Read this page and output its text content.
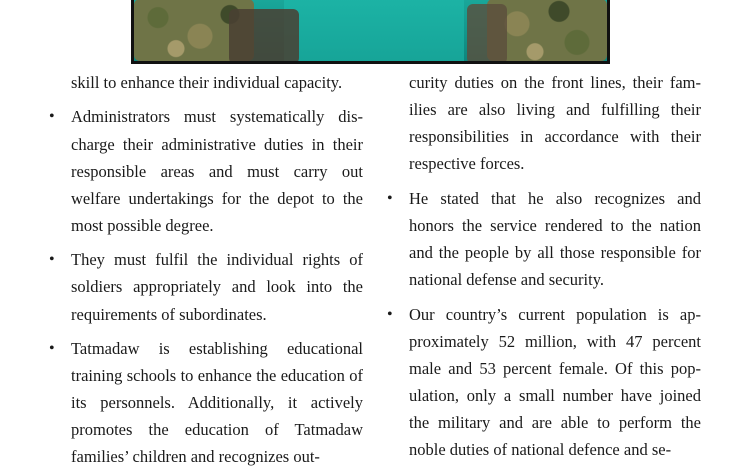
skill to enhance their individual capacity.

• Administrators must systematically discharge their administrative duties in their responsible areas and must carry out welfare undertakings for the depot to the most possible degree.
• They must fulfil the individual rights of soldiers appropriately and look into the requirements of subordinates.
• Tatmadaw is establishing educational training schools to enhance the education of its personnels. Additionally, it actively promotes the education of Tatmadaw families’ children and recognizes out-

curity duties on the front lines, their families are also living and fulfilling their responsibilities in accordance with their respective forces.

• He stated that he also recognizes and honors the service rendered to the nation and the people by all those responsible for national defense and security.
• Our country’s current population is approximately 52 million, with 47 percent male and 53 percent female. Of this population, only a small number have joined the military and are able to perform the noble duties of national defence and se-
